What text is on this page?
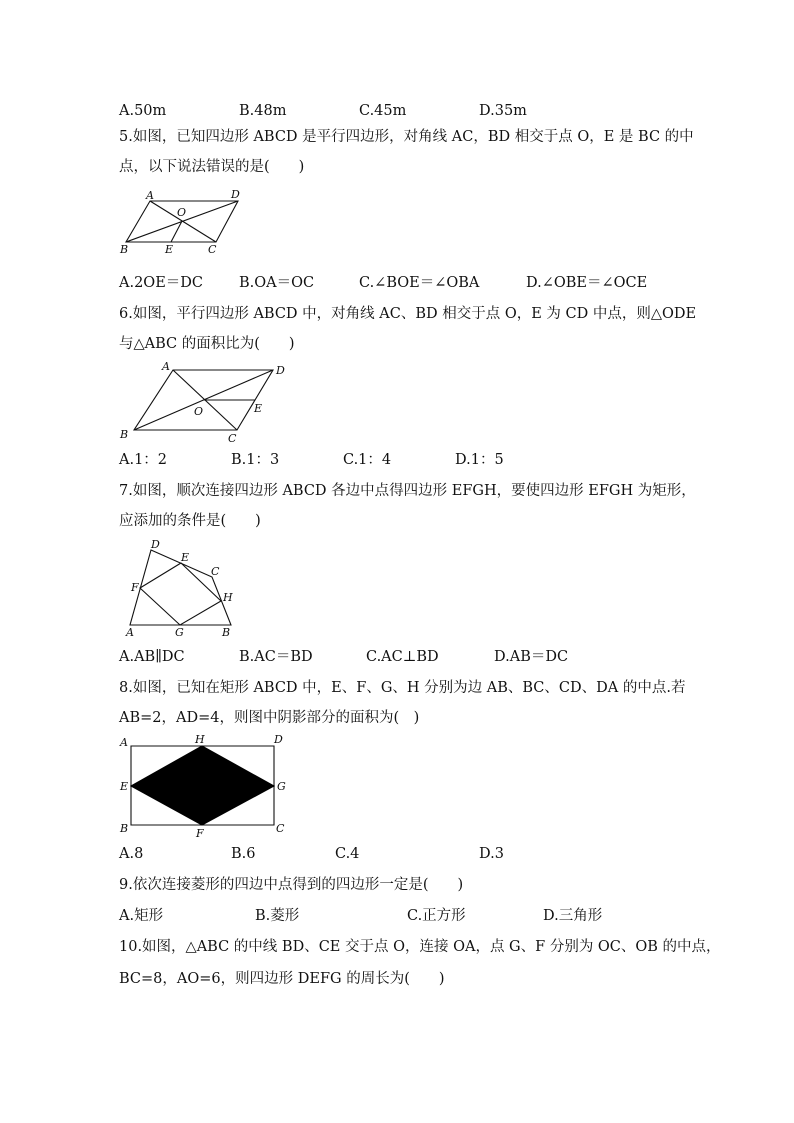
A.50m	B.48m	C.45m	D.35m
5.如图，已知四边形 ABCD 是平行四边形，对角线 AC，BD 相交于点 O，E 是 BC 的中
点，以下说法错误的是(　　)
A	D
O
B	E	C
A.2OE＝DC B.OA＝OC	C.∠BOE＝∠OBA	D.∠OBE＝∠OCE
6.如图，平行四边形 ABCD 中，对角线 AC、BD 相交于点 O，E 为 CD 中点，则△ODE
与△ABC 的面积比为(　　)
A	D
O	E
B	C
A.1：2	B.1：3	C.1：4	D.1：5
7.如图，顺次连接四边形 ABCD 各边中点得四边形 EFGH，要使四边形 EFGH 为矩形，
应添加的条件是(　　)
D
E
C
F
H
A	G	B
A.AB∥DC	B.AC＝BD	C.AC⊥BD	D.AB＝DC
8.如图，已知在矩形 ABCD 中，E、F、G、H 分别为边 AB、BC、CD、DA 的中点.若
AB=2，AD=4，则图中阴影部分的面积为(　)
A	H	D
E	G
B	F	C
A.8	B.6	C.4	D.3
9.依次连接菱形的四边中点得到的四边形一定是(　　)
A.矩形	B.菱形	C.正方形	D.三角形
10.如图，△ABC 的中线 BD、CE 交于点 O，连接 OA，点 G、F 分别为 OC、OB 的中点，
BC=8，AO=6，则四边形 DEFG 的周长为(　　)
